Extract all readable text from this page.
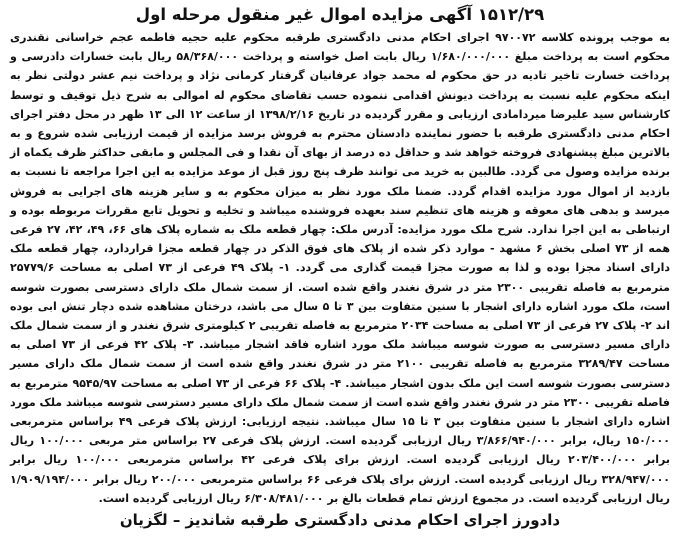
۱۵۱۲/۲۹ آگهی مزایده اموال غیر منقول مرحله اول

به موجب پرونده کلاسه ۹۷۰۰۷۲ اجرای احکام مدنی دادگستری طرقبه محکوم علیه حجیه فاطمه عجم خراسانی نقندری محکوم است به پرداخت مبلغ ۱/۶۸۰/۰۰۰/۰۰۰ ریال بابت اصل خواسته و پرداخت ۵۸/۳۶۸/۰۰۰ ریال بابت خسارات دادرسی و پرداخت خسارت تاخیر تادیه در حق محکوم له محمد جواد عرفانیان گرفتار کرمانی نژاد و پرداخت نیم عشر دولتی نظر به اینکه محکوم علیه نسبت به پرداخت دیونش اقدامی ننموده حسب تقاضای محکوم له اموالی به شرح ذیل توقیف و توسط کارشناس سید علیرضا میردامادی ارزیابی و مقرر گردیده در تاریخ ۱۳۹۸/۲/۱۶ از ساعت ۱۲ الی ۱۳ ظهر در محل دفتر اجرای احکام مدنی دادگستری طرقبه با حضور نماینده دادستان محترم به فروش برسد مزایده از قیمت ارزیابی شده شروع و به بالاترین مبلغ پیشنهادی فروخته خواهد شد و حداقل ده درصد از بهای آن نقدا و فی المجلس و مابقی حداکثر ظرف یکماه از برنده مزایده وصول می گردد. طالبین به خرید می توانند ظرف پنج روز قبل از موعد مزایده به این اجرا مراجعه تا نسبت به بازدید از اموال مورد مزایده اقدام گردد. ضمنا ملک مورد نظر به میزان محکوم به و سایر هزینه های اجرایی به فروش میرسد و بدهی های معوقه و هزینه های تنظیم سند بعهده فروشنده میباشد و تخلیه و تحویل تابع مقررات مربوطه بوده و ارتباطی به این اجرا ندارد. شرح ملک مورد مزایده: آدرس ملک: چهار قطعه ملک به شماره پلاک های ۶۶، ۴۹، ۴۲، ۲۷ فرعی همه از ۷۳ اصلی بخش ۶ مشهد - موارد ذکر شده از پلاک های فوق الذکر در چهار قطعه مجزا قراردارد، چهار قطعه ملک دارای اسناد مجزا بوده و لذا به صورت مجزا قیمت گذاری می گردد. ۱- پلاک ۴۹ فرعی از ۷۳ اصلی به مساحت ۲۵۷۷۹/۶ مترمربع به فاصله تقریبی ۲۳۰۰ متر در شرق نغندر واقع شده است. از سمت شمال ملک دارای دسترسی بصورت شوسه است، ملک مورد اشاره دارای اشجار با سنین متفاوت بین ۳ تا ۵ سال می باشد، درختان مشاهده شده دچار تنش ابی بوده اند ۲- پلاک ۲۷ فرعی از ۷۳ اصلی به مساحت ۲۰۳۴ مترمربع به فاصله تقریبی ۲ کیلومتری شرق نغندر و از سمت شمال ملک دارای مسیر دسترسی به صورت شوسه میباشد ملک مورد اشاره فاقد اشجار میباشد. ۳- پلاک ۴۲ فرعی از ۷۳ اصلی به مساحت ۳۲۸۹/۴۷ مترمربع به فاصله تقریبی ۲۱۰۰ متر در شرق نغندر واقع شده است از سمت شمال ملک دارای مسیر دسترسی بصورت شوسه است این ملک بدون اشجار میباشد. ۴- پلاک ۶۶ فرعی از ۷۳ اصلی به مساحت ۹۵۴۵/۹۷ مترمربع به فاصله تقریبی ۲۳۰۰ متر در شرق نغندر واقع شده است از سمت شمال ملک دارای مسیر دسترسی شوسه میباشد ملک مورد اشاره دارای اشجار با سنین متفاوت بین ۳ تا ۱۵ سال میباشد. نتیجه ارزیابی: ارزش پلاک فرعی ۴۹ براساس مترمربعی ۱۵۰/۰۰۰ ریال، برابر ۳/۸۶۶/۹۴۰/۰۰۰ ریال ارزیابی گردیده است. ارزش پلاک فرعی ۲۷ براساس متر مربعی ۱۰۰/۰۰۰ ریال برابر ۲۰۳/۴۰۰/۰۰۰ ریال ارزیابی گردیده است. ارزش برای پلاک فرعی ۴۲ براساس مترمربعی ۱۰۰/۰۰۰ ریال برابر ۳۲۸/۹۴۷/۰۰۰ ریال ارزیابی گردیده است. ارزش برای پلاک فرعی ۶۶ براساس مترمربعی ۲۰۰/۰۰۰ ریال برابر ۱/۹۰۹/۱۹۴/۰۰۰ ریال ارزیابی گردیده است. در مجموع ارزش تمام قطعات بالغ بر ۶/۳۰۸/۴۸۱/۰۰۰ ریال ارزیابی گردیده است.

دادورز اجرای احکام مدنی دادگستری طرقبه شاندیز – لگزیان
